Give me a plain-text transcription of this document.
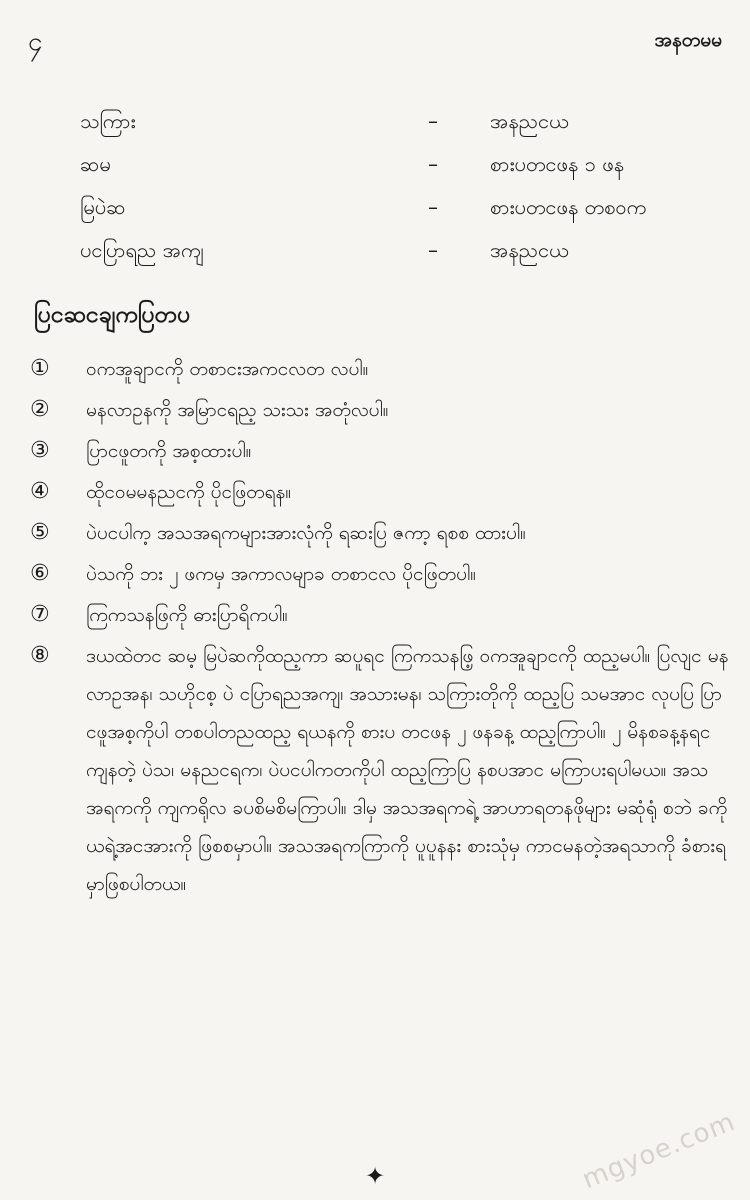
၄	အနတမမ
သကြား	–	အနညငယ
ဆမ	–	စားပတငဖန ၁ ဖန
မြပဲဆ	–	စားပတငဖန တစဝက
ပငပြာရည အကျ	–	အနညငယ
ပြငဆငချကပြတပ
① ဝကအူချာငကို တစာငးအကငလတ လပါ။
② မနလာဥနကို အမြာငရည့ သးသး အတုံလပါ။
③ ပြာငဖူတကို အစ့ထားပါ။
④ ထိုငဝမမနညငကို ပိုငဖြတရန။
⑤ ပဲပငပါက့ အသအရကများအားလုံကို ရဆးပြ ဇကာ့ ရစစ ထားပါ။
⑥ ပဲသကို ဘး ၂ ဖကမှ အကာလမျာခ တစာငလ ပိုငဖြတပါ။
⑦ ကြကသနဖြကို ဓားပြာရိကပါ။
⑧ ဒယထဲတင ဆမ့ မြပဲဆကိုထည့ကာ ဆပူရင ကြကသနဖြ့ ဝကအူချာငကို ထည့မပါ။ ပြလျင မနလာဥအန၊ သဟိုငစ့ ပဲ ငပြာရညအကျ၊ အသားမန၊ သကြားတိုကို ထည့ပြ သမအာင လုပပြ ပြာငဖူအစ့ကိုပါ တစပါတညထည့ ရယနကို စားပ တငဖန ၂ ဖနခန့ ထည့ကြာပါ။ ၂ မိနစခန့နရင ကျနတဲ့ ပဲသ၊ မနညငရက၊ ပဲပငပါကတကိုပါ ထည့ကြာပြ နစပအာင မကြာပးရပါမယ။ အသအရကကို ကျကရိုလ ခပစိမစိမကြာပါ။ ဒါမှ အသအရကရဲ့ အာဟာရတနဖိုများ မဆုံရုံ စဘဲ ခကိုယရဲ့အငအားကို ဖြစစမှာပါ။ အသအရကကြာကို ပူပူနနး စားသုံမှ ကာငမနတဲ့အရသာကို ခံစားရမှာဖြစပါတယ။
mgyoe.com
✦
